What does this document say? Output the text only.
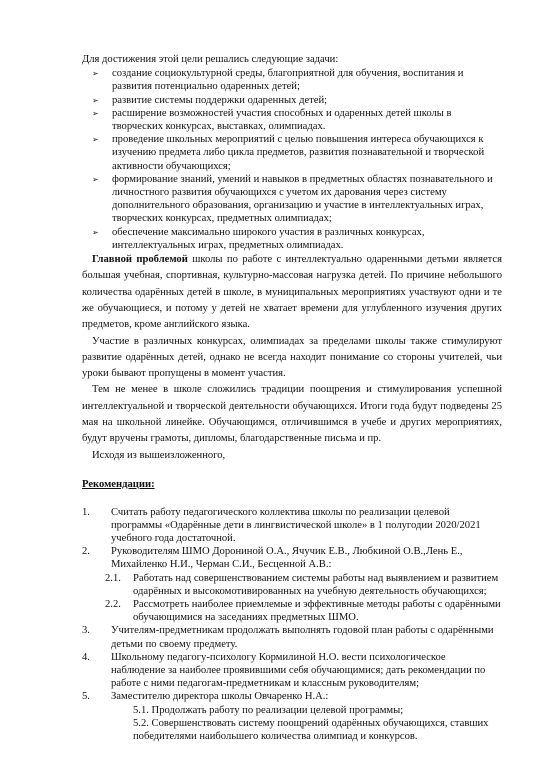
Для достижения этой цели решались следующие задачи:

➢ создание социокультурной среды, благоприятной для обучения, воспитания и развития потенциально одаренных детей;
➢ развитие системы поддержки одаренных детей;
➢ расширение возможностей участия способных и одаренных детей школы в творческих конкурсах, выставках, олимпиадах.
➢ проведение школьных мероприятий с целью повышения интереса обучающихся к изучению предмета либо цикла предметов, развития познавательной и творческой активности обучающихся;
➢ формирование знаний, умений и навыков в предметных областях познавательного и личностного развития обучающихся с учетом их дарования через систему дополнительного образования, организацию и участие в интеллектуальных играх, творческих конкурсах, предметных олимпиадах;
➢ обеспечение максимально широкого участия в различных конкурсах, интеллектуальных играх, предметных олимпиадах.

Главной проблемой школы по работе с интеллектуально одаренными детьми является большая учебная, спортивная, культурно-массовая нагрузка детей. По причине небольшого количества одарённых детей в школе, в муниципальных мероприятиях участвуют одни и те же обучающиеся, и потому у детей не хватает времени для углубленного изучения других предметов, кроме английского языка.

Участие в различных конкурсах, олимпиадах за пределами школы также стимулируют развитие одарённых детей, однако не всегда находит понимание со стороны учителей, чьи уроки бывают пропущены в момент участия.

Тем не менее в школе сложились традиции поощрения и стимулирования успешной интеллектуальной и творческой деятельности обучающихся. Итоги года будут подведены 25 мая на школьной линейке. Обучающимся, отличившимся в учебе и других мероприятиях, будут вручены грамоты, дипломы, благодарственные письма и пр.

Исходя из вышеизложенного,

Рекомендации:

1. Считать работу педагогического коллектива школы по реализации целевой программы «Одарённые дети в лингвистической школе» в 1 полугодии 2020/2021 учебного года достаточной.
2. Руководителям ШМО Дорониной О.А., Ячучик Е.В., Любкиной О.В.,Лень Е., Михайленко Н.И., Черман С.И., Бесценной А.В.:
2.1. Работать над совершенствованием системы работы над выявлением и развитием одарённых и высокомотивированных на учебную деятельность обучающихся;
2.2. Рассмотреть наиболее приемлемые и эффективные методы работы с одарёнными обучающимися на заседаниях предметных ШМО.
3. Учителям-предметникам продолжать выполнять годовой план работы с одарёнными детьми по своему предмету.
4. Школьному педагогу-психологу Кормилиной Н.О. вести психологическое наблюдение за наиболее проявившими себя обучающимися; дать рекомендации по работе с ними педагогам-предметникам и классным руководителям;
5. Заместителю директора школы Овчаренко Н.А.:
5.1. Продолжать работу по реализации целевой программы;
5.2. Совершенствовать систему поощрений одарённых обучающихся, ставших победителями наибольшего количества олимпиад и конкурсов.
